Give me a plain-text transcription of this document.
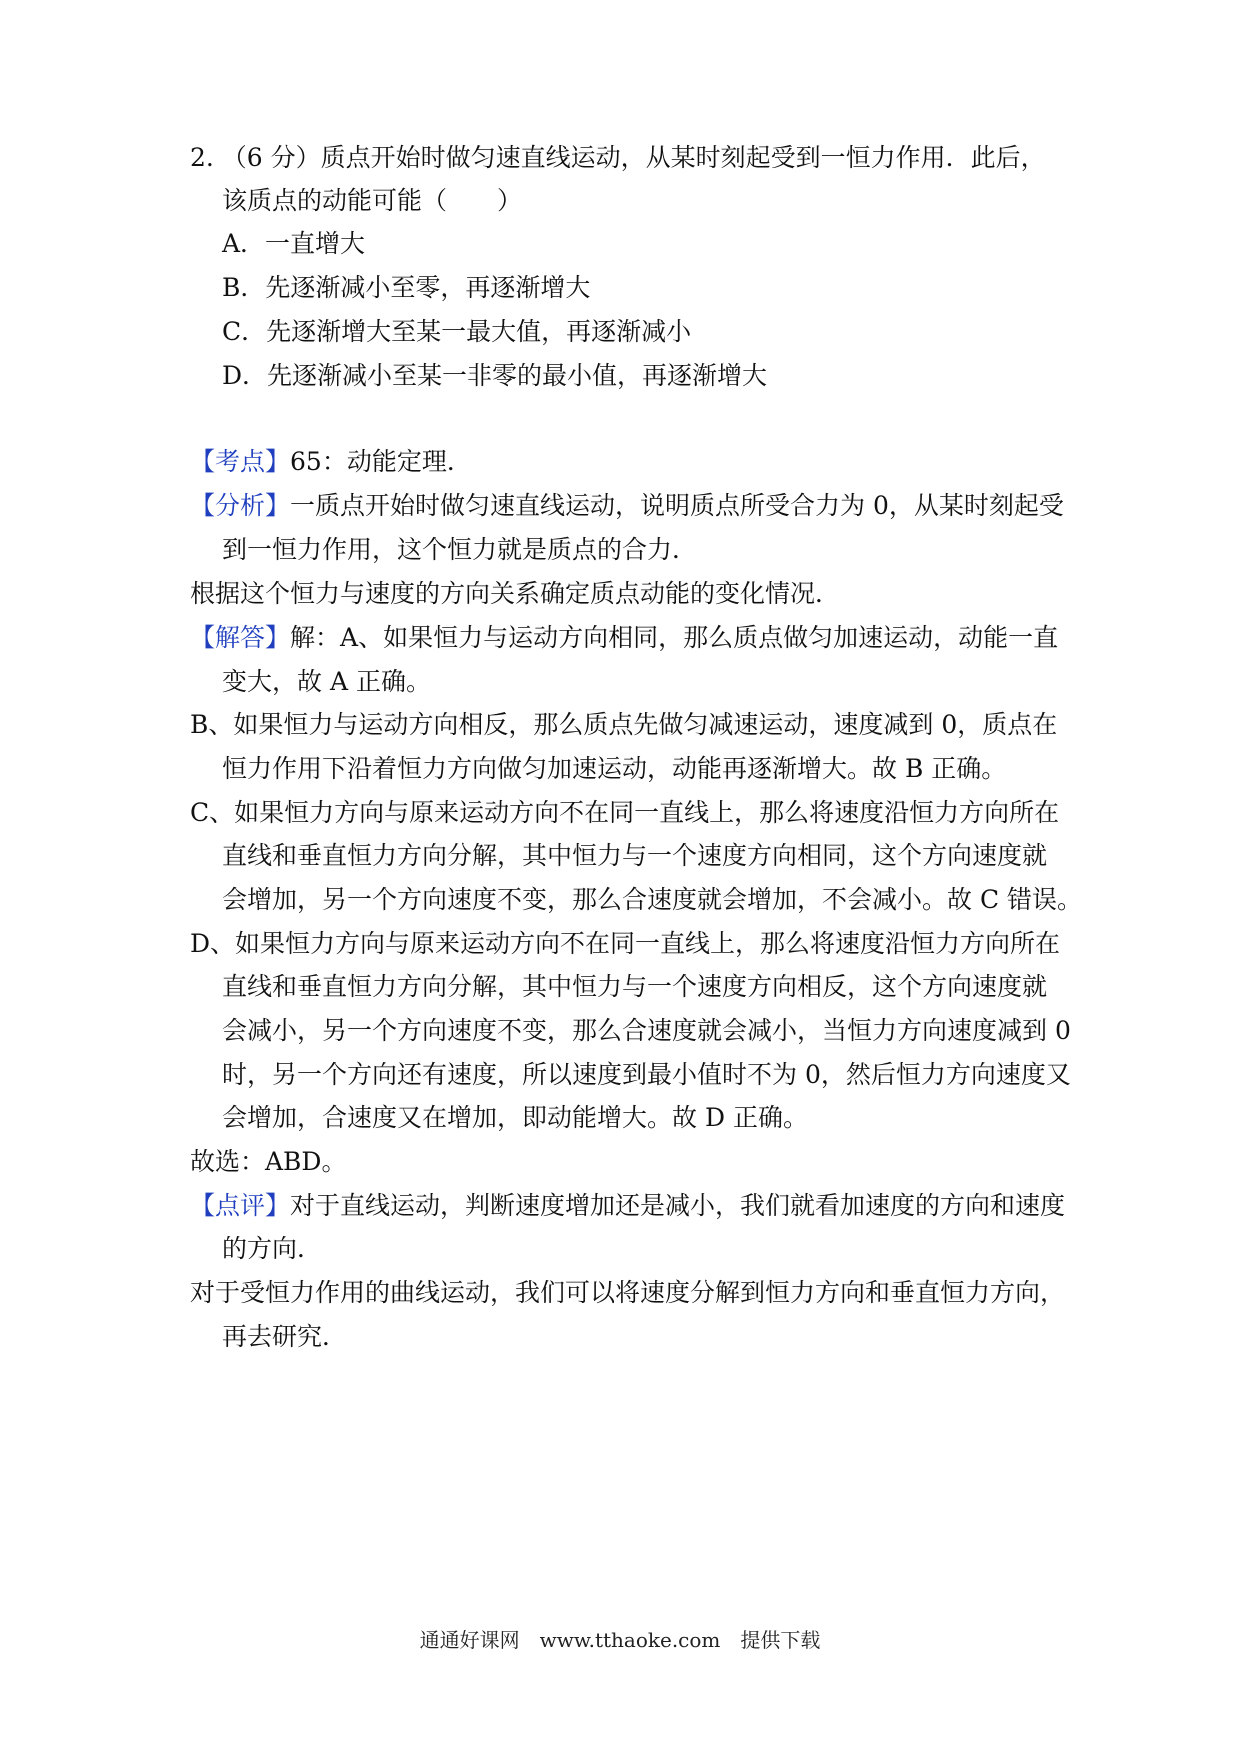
2. （6 分）质点开始时做匀速直线运动，从某时刻起受到一恒力作用．此后，
该质点的动能可能（　　）
A．一直增大
B．先逐渐减小至零，再逐渐增大
C．先逐渐增大至某一最大值，再逐渐减小
D．先逐渐减小至某一非零的最小值，再逐渐增大
【考点】65：动能定理．
【分析】一质点开始时做匀速直线运动，说明质点所受合力为 0，从某时刻起受
到一恒力作用，这个恒力就是质点的合力．
根据这个恒力与速度的方向关系确定质点动能的变化情况．
【解答】解：A、如果恒力与运动方向相同，那么质点做匀加速运动，动能一直
变大，故 A 正确。
B、如果恒力与运动方向相反，那么质点先做匀减速运动，速度减到 0，质点在
恒力作用下沿着恒力方向做匀加速运动，动能再逐渐增大。故 B 正确。
C、如果恒力方向与原来运动方向不在同一直线上，那么将速度沿恒力方向所在
直线和垂直恒力方向分解，其中恒力与一个速度方向相同，这个方向速度就
会增加，另一个方向速度不变，那么合速度就会增加，不会减小。故 C 错误。
D、如果恒力方向与原来运动方向不在同一直线上，那么将速度沿恒力方向所在
直线和垂直恒力方向分解，其中恒力与一个速度方向相反，这个方向速度就
会减小，另一个方向速度不变，那么合速度就会减小，当恒力方向速度减到 0
时，另一个方向还有速度，所以速度到最小值时不为 0，然后恒力方向速度又
会增加，合速度又在增加，即动能增大。故 D 正确。
故选：ABD。
【点评】对于直线运动，判断速度增加还是减小，我们就看加速度的方向和速度
的方向．
对于受恒力作用的曲线运动，我们可以将速度分解到恒力方向和垂直恒力方向，
再去研究．
通通好课网　www.tthaoke.com　提供下载
